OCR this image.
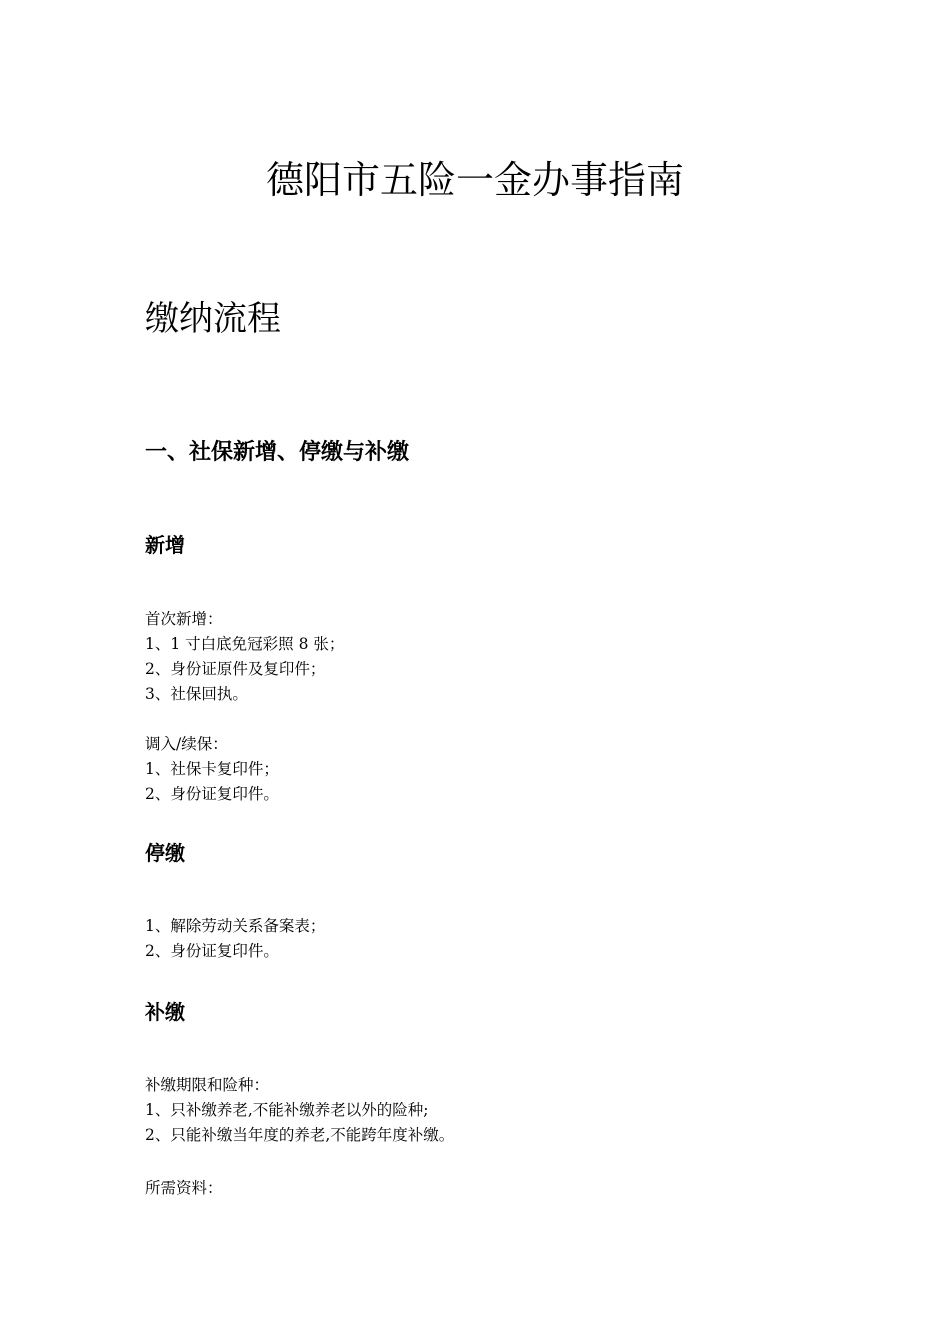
德阳市五险一金办事指南
缴纳流程
一、社保新增、停缴与补缴
新增
首次新增：
1、1 寸白底免冠彩照 8 张；
2、身份证原件及复印件；
3、社保回执。
调入/续保：
1、社保卡复印件；
2、身份证复印件。
停缴
1、解除劳动关系备案表；
2、身份证复印件。
补缴
补缴期限和险种：
1、只补缴养老,不能补缴养老以外的险种;
2、只能补缴当年度的养老,不能跨年度补缴。
所需资料：
